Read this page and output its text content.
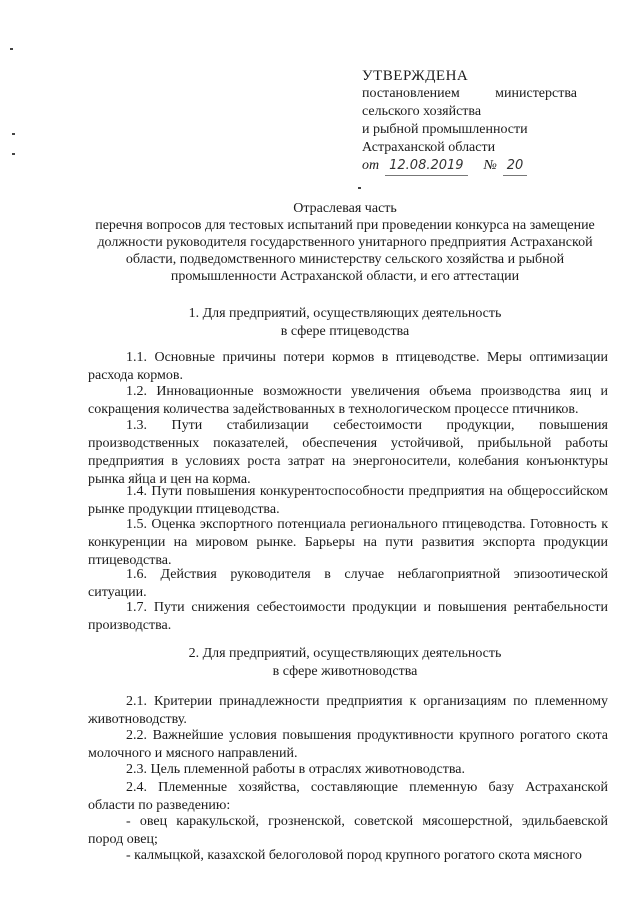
УТВЕРЖДЕНА
постановлением	министерства
сельского хозяйства
и рыбной промышленности
Астраханской области
от 12.08.2019 № 20
Отраслевая часть
перечня вопросов для тестовых испытаний при проведении конкурса на замещение должности руководителя государственного унитарного предприятия Астраханской области, подведомственного министерству сельского хозяйства и рыбной промышленности Астраханской области, и его аттестации
1. Для предприятий, осуществляющих деятельность
в сфере птицеводства
1.1. Основные причины потери кормов в птицеводстве. Меры оптимизации расхода кормов.
1.2. Инновационные возможности увеличения объема производства яиц и сокращения количества задействованных в технологическом процессе птичников.
1.3. Пути стабилизации себестоимости продукции, повышения производственных показателей, обеспечения устойчивой, прибыльной работы предприятия в условиях роста затрат на энергоносители, колебания конъюнктуры рынка яйца и цен на корма.
1.4. Пути повышения конкурентоспособности предприятия на общероссийском рынке продукции птицеводства.
1.5. Оценка экспортного потенциала регионального птицеводства. Готовность к конкуренции на мировом рынке. Барьеры на пути развития экспорта продукции птицеводства.
1.6. Действия руководителя в случае неблагоприятной эпизоотической ситуации.
1.7. Пути снижения себестоимости продукции и повышения рентабельности производства.
2. Для предприятий, осуществляющих деятельность
в сфере животноводства
2.1. Критерии принадлежности предприятия к организациям по племенному животноводству.
2.2. Важнейшие условия повышения продуктивности крупного рогатого скота молочного и мясного направлений.
2.3. Цель племенной работы в отраслях животноводства.
2.4. Племенные хозяйства, составляющие племенную базу Астраханской области по разведению:
- овец каракульской, грозненской, советской мясошерстной, эдильбаевской пород овец;
- калмыцкой, казахской белоголовой пород крупного рогатого скота мясного
